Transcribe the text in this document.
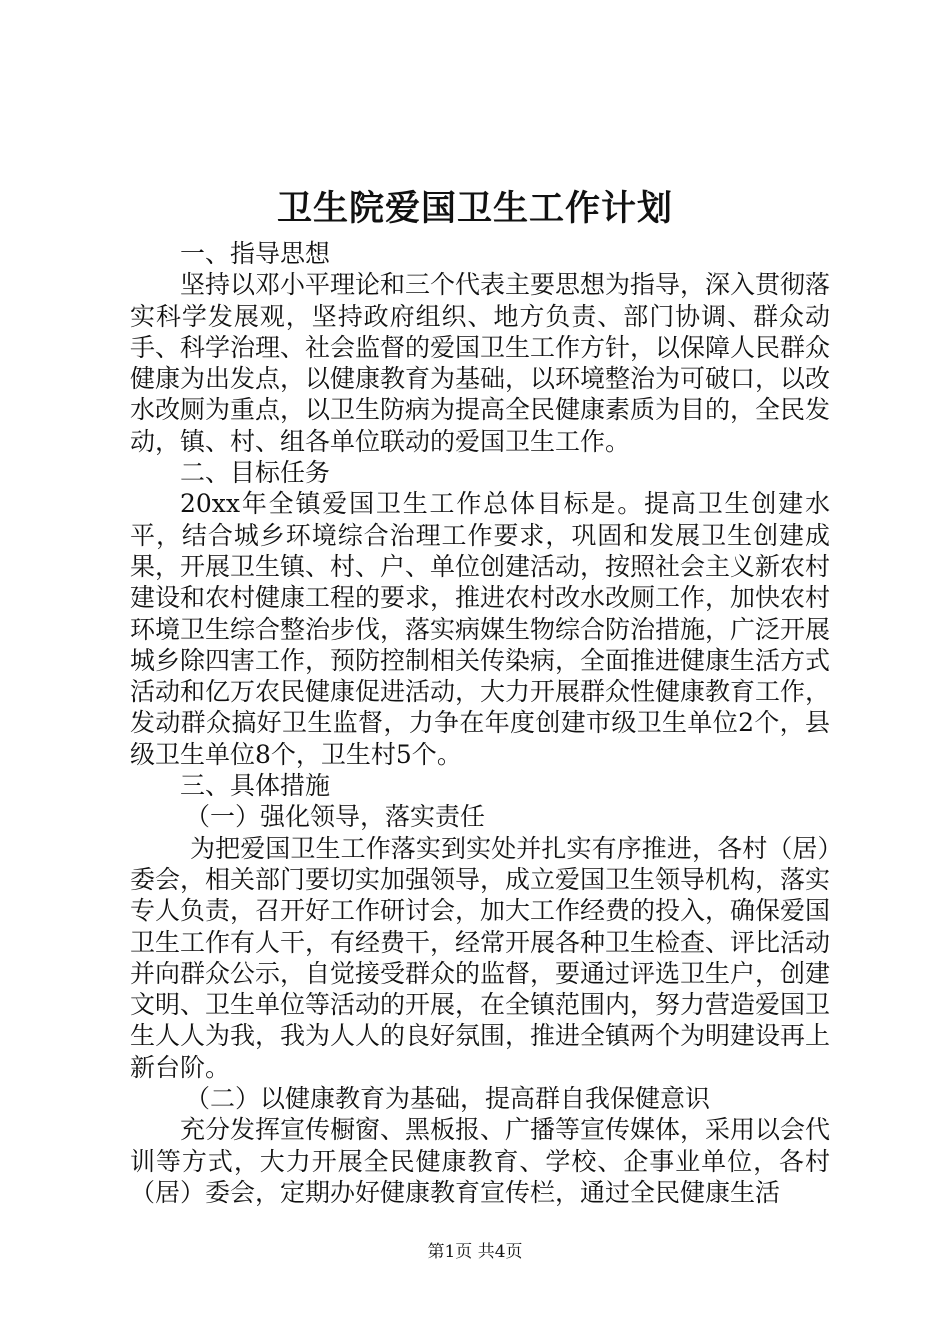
卫生院爱国卫生工作计划

一、指导思想

坚持以邓小平理论和三个代表主要思想为指导，深入贯彻落实科学发展观，坚持政府组织、地方负责、部门协调、群众动手、科学治理、社会监督的爱国卫生工作方针，以保障人民群众健康为出发点，以健康教育为基础，以环境整治为可破口，以改水改厕为重点，以卫生防病为提高全民健康素质为目的，全民发动，镇、村、组各单位联动的爱国卫生工作。

二、目标任务

20xx年全镇爱国卫生工作总体目标是。提高卫生创建水平，结合城乡环境综合治理工作要求，巩固和发展卫生创建成果，开展卫生镇、村、户、单位创建活动，按照社会主义新农村建设和农村健康工程的要求，推进农村改水改厕工作，加快农村环境卫生综合整治步伐，落实病媒生物综合防治措施，广泛开展城乡除四害工作，预防控制相关传染病，全面推进健康生活方式活动和亿万农民健康促进活动，大力开展群众性健康教育工作，发动群众搞好卫生监督，力争在年度创建市级卫生单位2个，县级卫生单位8个，卫生村5个。

三、具体措施

（一）强化领导，落实责任

为把爱国卫生工作落实到实处并扎实有序推进，各村（居）委会，相关部门要切实加强领导，成立爱国卫生领导机构，落实专人负责，召开好工作研讨会，加大工作经费的投入，确保爱国卫生工作有人干，有经费干，经常开展各种卫生检查、评比活动并向群众公示，自觉接受群众的监督，要通过评选卫生户，创建文明、卫生单位等活动的开展，在全镇范围内，努力营造爱国卫生人人为我，我为人人的良好氛围，推进全镇两个为明建设再上新台阶。

（二）以健康教育为基础，提高群自我保健意识

充分发挥宣传橱窗、黑板报、广播等宣传媒体，采用以会代训等方式，大力开展全民健康教育、学校、企事业单位，各村（居）委会，定期办好健康教育宣传栏，通过全民健康生活

第1页 共4页
